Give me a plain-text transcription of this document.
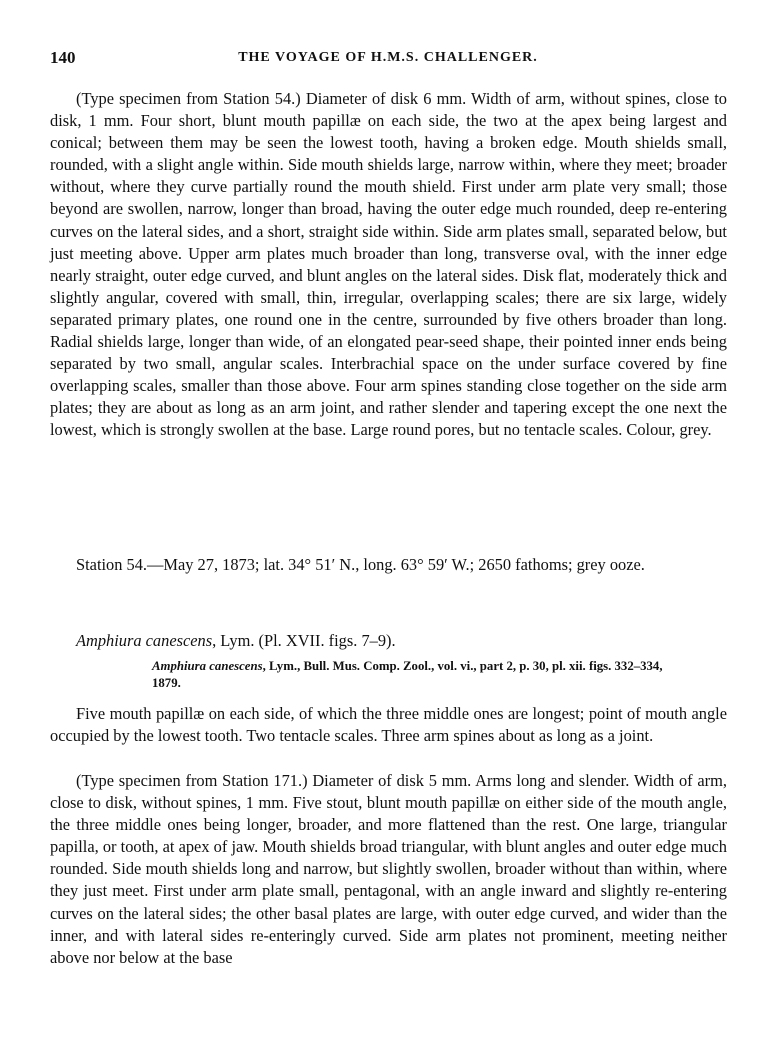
140	THE VOYAGE OF H.M.S. CHALLENGER.

(Type specimen from Station 54.) Diameter of disk 6 mm. Width of arm, without spines, close to disk, 1 mm. Four short, blunt mouth papillæ on each side, the two at the apex being largest and conical; between them may be seen the lowest tooth, having a broken edge. Mouth shields small, rounded, with a slight angle within. Side mouth shields large, narrow within, where they meet; broader without, where they curve partially round the mouth shield. First under arm plate very small; those beyond are swollen, narrow, longer than broad, having the outer edge much rounded, deep re-entering curves on the lateral sides, and a short, straight side within. Side arm plates small, separated below, but just meeting above. Upper arm plates much broader than long, transverse oval, with the inner edge nearly straight, outer edge curved, and blunt angles on the lateral sides. Disk flat, moderately thick and slightly angular, covered with small, thin, irregular, overlapping scales; there are six large, widely separated primary plates, one round one in the centre, surrounded by five others broader than long. Radial shields large, longer than wide, of an elongated pear-seed shape, their pointed inner ends being separated by two small, angular scales. Interbrachial space on the under surface covered by fine overlapping scales, smaller than those above. Four arm spines standing close together on the side arm plates; they are about as long as an arm joint, and rather slender and tapering except the one next the lowest, which is strongly swollen at the base. Large round pores, but no tentacle scales. Colour, grey.

Station 54.—May 27, 1873; lat. 34° 51′ N., long. 63° 59′ W.; 2650 fathoms; grey ooze.

Amphiura canescens, Lym. (Pl. XVII. figs. 7–9).
Amphiura canescens, Lym., Bull. Mus. Comp. Zool., vol. vi., part 2, p. 30, pl. xii. figs. 332–334,
1879.

Five mouth papillæ on each side, of which the three middle ones are longest; point of mouth angle occupied by the lowest tooth. Two tentacle scales. Three arm spines about as long as a joint.

(Type specimen from Station 171.) Diameter of disk 5 mm. Arms long and slender. Width of arm, close to disk, without spines, 1 mm. Five stout, blunt mouth papillæ on either side of the mouth angle, the three middle ones being longer, broader, and more flattened than the rest. One large, triangular papilla, or tooth, at apex of jaw. Mouth shields broad triangular, with blunt angles and outer edge much rounded. Side mouth shields long and narrow, but slightly swollen, broader without than within, where they just meet. First under arm plate small, pentagonal, with an angle inward and slightly re-entering curves on the lateral sides; the other basal plates are large, with outer edge curved, and wider than the inner, and with lateral sides re-enteringly curved. Side arm plates not prominent, meeting neither above nor below at the base
